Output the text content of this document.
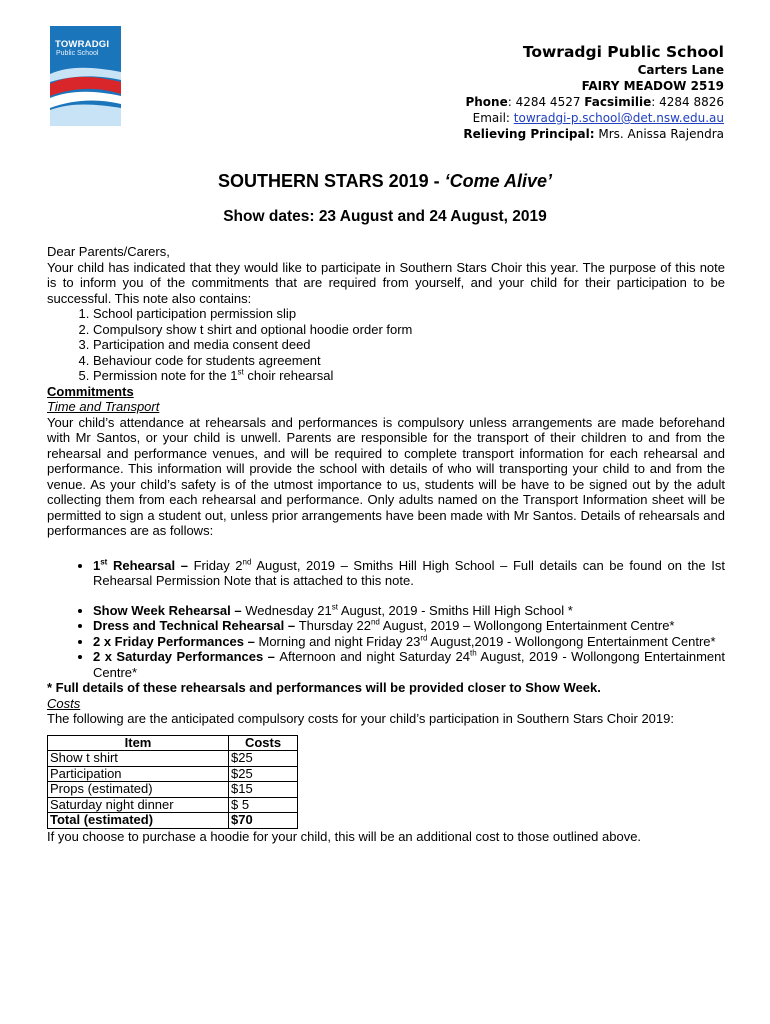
TOWRADGI
Public School	Towradgi Public School
Carters Lane
FAIRY MEADOW 2519
Phone: 4284 4527 Facsimilie: 4284 8826
Email: towradgi-p.school@det.nsw.edu.au
Relieving Principal: Mrs. Anissa Rajendra
SOUTHERN STARS 2019 - ‘Come Alive’
Show dates: 23 August and 24 August, 2019

Dear Parents/Carers,

Your child has indicated that they would like to participate in Southern Stars Choir this year. The purpose of this note is to inform you of the commitments that are required from yourself, and your child for their participation to be successful. This note also contains:

1. School participation permission slip
2. Compulsory show t shirt and optional hoodie order form
3. Participation and media consent deed
4. Behaviour code for students agreement
5. Permission note for the 1st choir rehearsal

Commitments

Time and Transport

Your child’s attendance at rehearsals and performances is compulsory unless arrangements are made beforehand with Mr Santos, or your child is unwell. Parents are responsible for the transport of their children to and from the rehearsal and performance venues, and will be required to complete transport information for each rehearsal and performance. This information will provide the school with details of who will transporting your child to and from the venue. As your child’s safety is of the utmost importance to us, students will be have to be signed out by the adult collecting them from each rehearsal and performance. Only adults named on the Transport Information sheet will be permitted to sign a student out, unless prior arrangements have been made with Mr Santos. Details of rehearsals and performances are as follows:

• 1st Rehearsal – Friday 2nd August, 2019 – Smiths Hill High School – Full details can be found on the Ist Rehearsal Permission Note that is attached to this note.
• Show Week Rehearsal – Wednesday 21st August, 2019 - Smiths Hill High School *
• Dress and Technical Rehearsal – Thursday 22nd August, 2019 – Wollongong Entertainment Centre*
• 2 x Friday Performances – Morning and night Friday 23rd August,2019 - Wollongong Entertainment Centre*
• 2 x Saturday Performances – Afternoon and night Saturday 24th August, 2019 - Wollongong Entertainment Centre*

* Full details of these rehearsals and performances will be provided closer to Show Week.

Costs

The following are the anticipated compulsory costs for your child’s participation in Southern Stars Choir 2019:

Item	Costs
Show t shirt	$25
Participation	$25
Props (estimated)	$15
Saturday night dinner	$ 5
Total (estimated)	$70

If you choose to purchase a hoodie for your child, this will be an additional cost to those outlined above.
